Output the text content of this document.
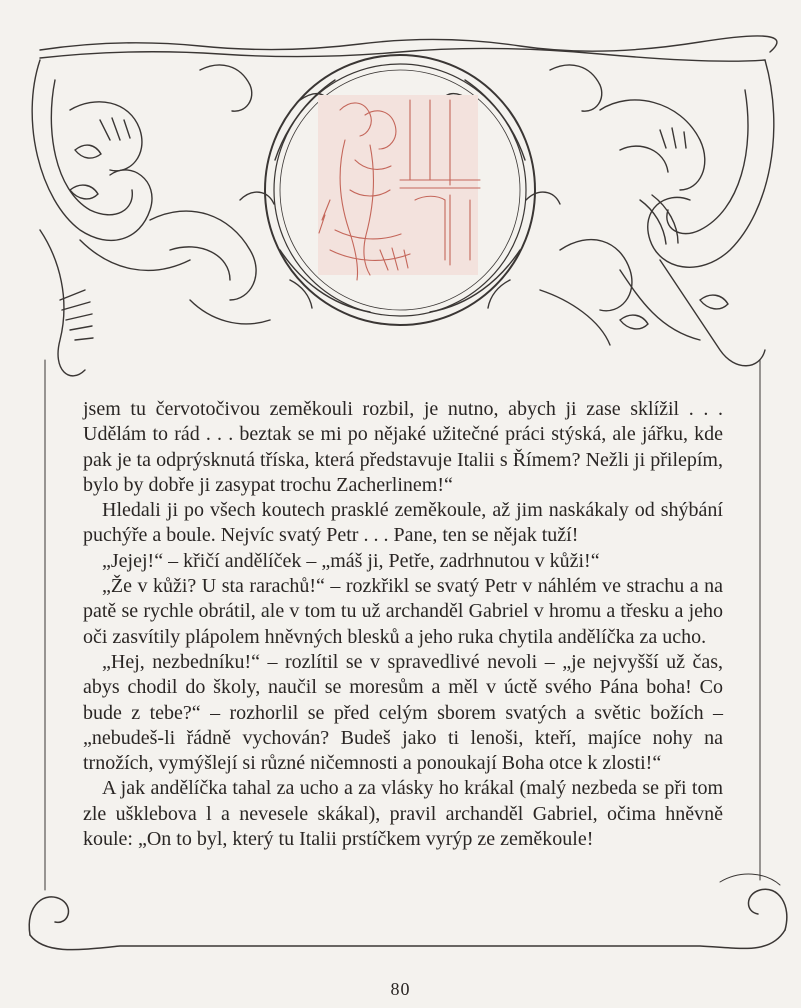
jsem tu červotočivou zeměkouli rozbil, je nutno, abych ji zase sklížil . . . Udělám to rád . . . beztak se mi po nějaké užitečné práci stýská, ale jářku, kde pak je ta odprýsknutá tříska, která představuje Italii s Římem? Nežli ji přilepím, bylo by dobře ji zasypat trochu Zacherlinem!“

Hledali ji po všech koutech prasklé zeměkoule, až jim naskákaly od shýbání puchýře a boule. Nejvíc svatý Petr . . . Pane, ten se nějak tuží!

„Jejej!“ – křičí andělíček – „máš ji, Petře, zadrhnutou v kůži!“

„Že v kůži? U sta rarachů!“ – rozkřikl se svatý Petr v náhlém ve strachu a na patě se rychle obrátil, ale v tom tu už archanděl Gabriel v hromu a třesku a jeho oči zasvítily plápolem hněvných blesků a jeho ruka chytila andělíčka za ucho.

„Hej, nezbedníku!“ – rozlítil se v spravedlivé nevoli – „je nejvyšší už čas, abys chodil do školy, naučil se moresům a měl v úctě svého Pána boha! Co bude z tebe?“ – rozhorlil se před celým sborem svatých a světic božích – „nebudeš-li řádně vychován? Budeš jako ti lenoši, kteří, majíce nohy na trnožích, vymýšlejí si různé ničemnosti a ponoukají Boha otce k zlosti!“

A jak andělíčka tahal za ucho a za vlásky ho krákal (malý nezbeda se při tom zle ušklebova l a nevesele skákal), pravil archanděl Gabriel, očima hněvně koule: „On to byl, který tu Italii prstíčkem vyrýp ze zeměkoule!

80
